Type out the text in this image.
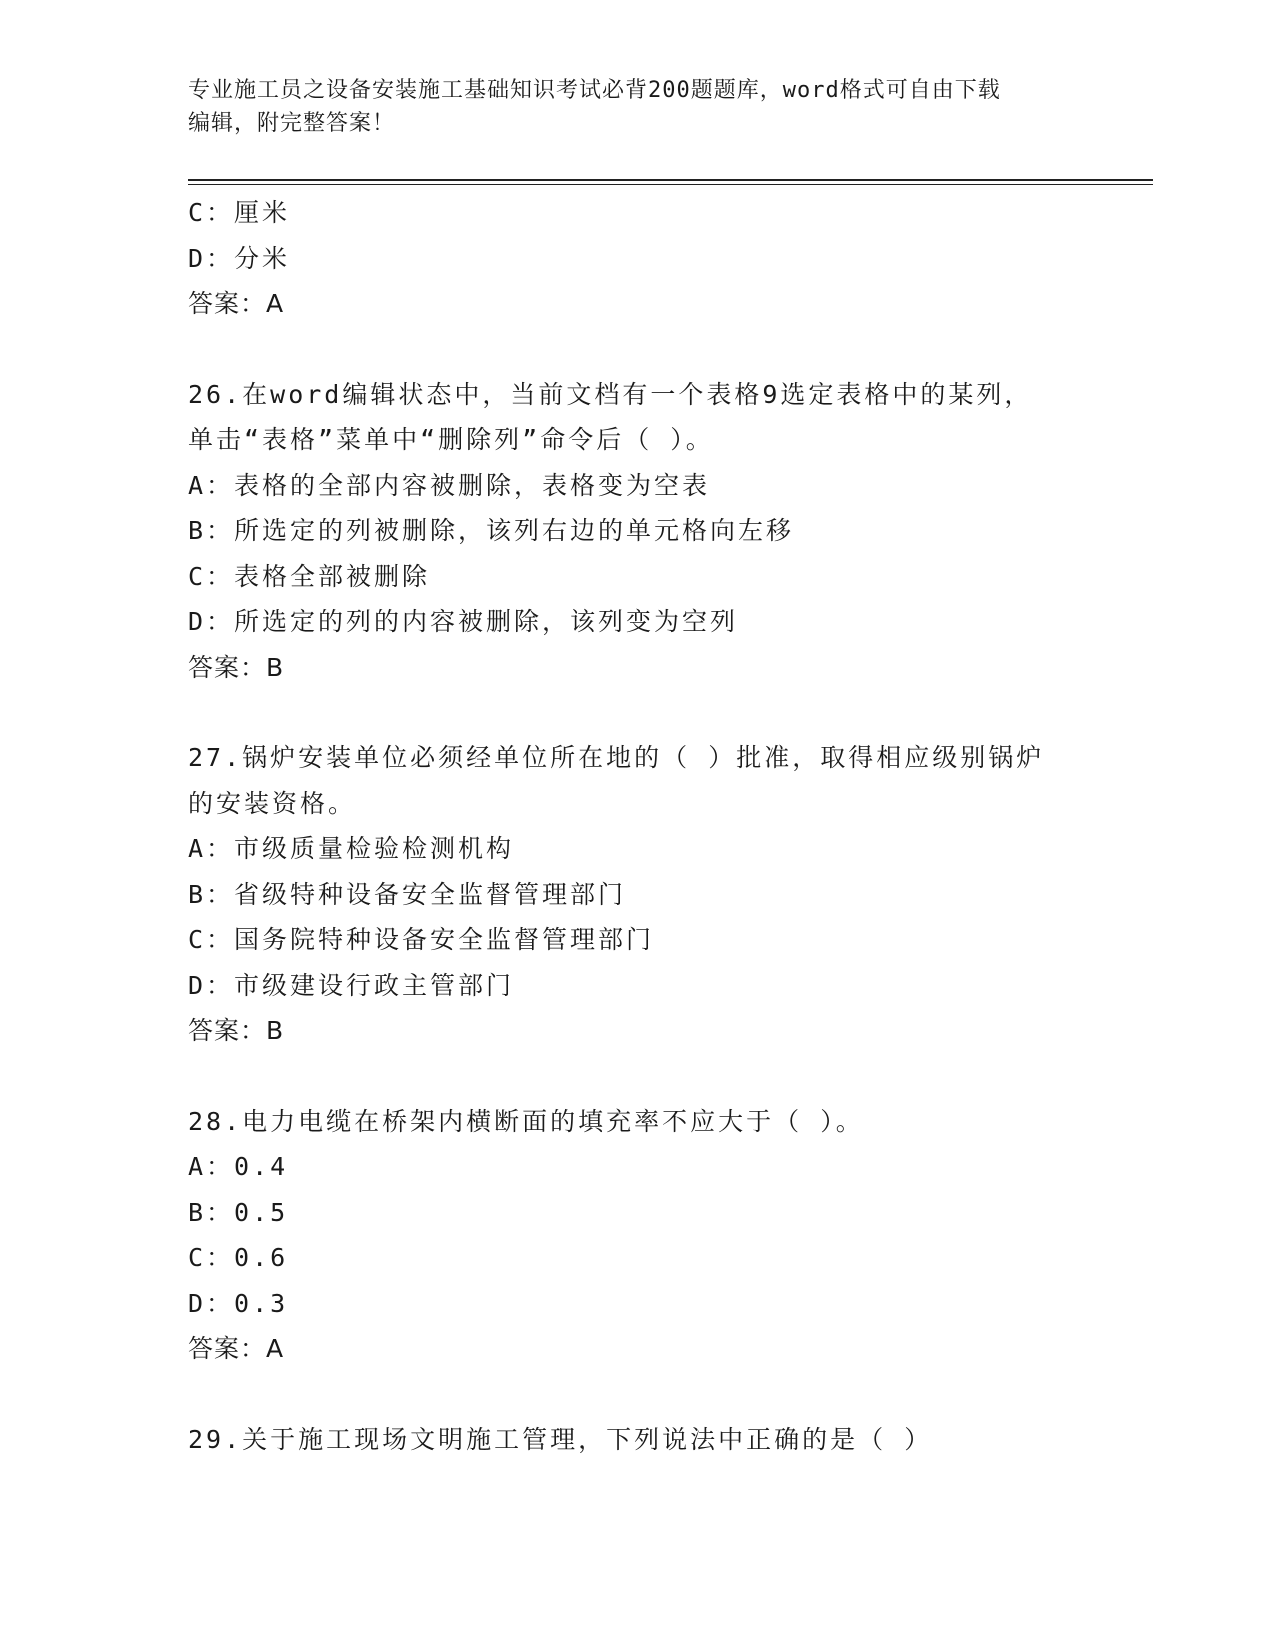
专业施工员之设备安装施工基础知识考试必背200题题库，word格式可自由下载
编辑，附完整答案！
C：厘米
D：分米
答案：A
26.在word编辑状态中，当前文档有一个表格9选定表格中的某列，
单击“表格”菜单中“删除列”命令后（ ）。
A：表格的全部内容被删除，表格变为空表
B：所选定的列被删除，该列右边的单元格向左移
C：表格全部被删除
D：所选定的列的内容被删除，该列变为空列
答案：B
27.锅炉安装单位必须经单位所在地的（ ）批准，取得相应级别锅炉
的安装资格。
A：市级质量检验检测机构
B：省级特种设备安全监督管理部门
C：国务院特种设备安全监督管理部门
D：市级建设行政主管部门
答案：B
28.电力电缆在桥架内横断面的填充率不应大于（ ）。
A：0.4
B：0.5
C：0.6
D：0.3
答案：A
29.关于施工现场文明施工管理，下列说法中正确的是（ ）
